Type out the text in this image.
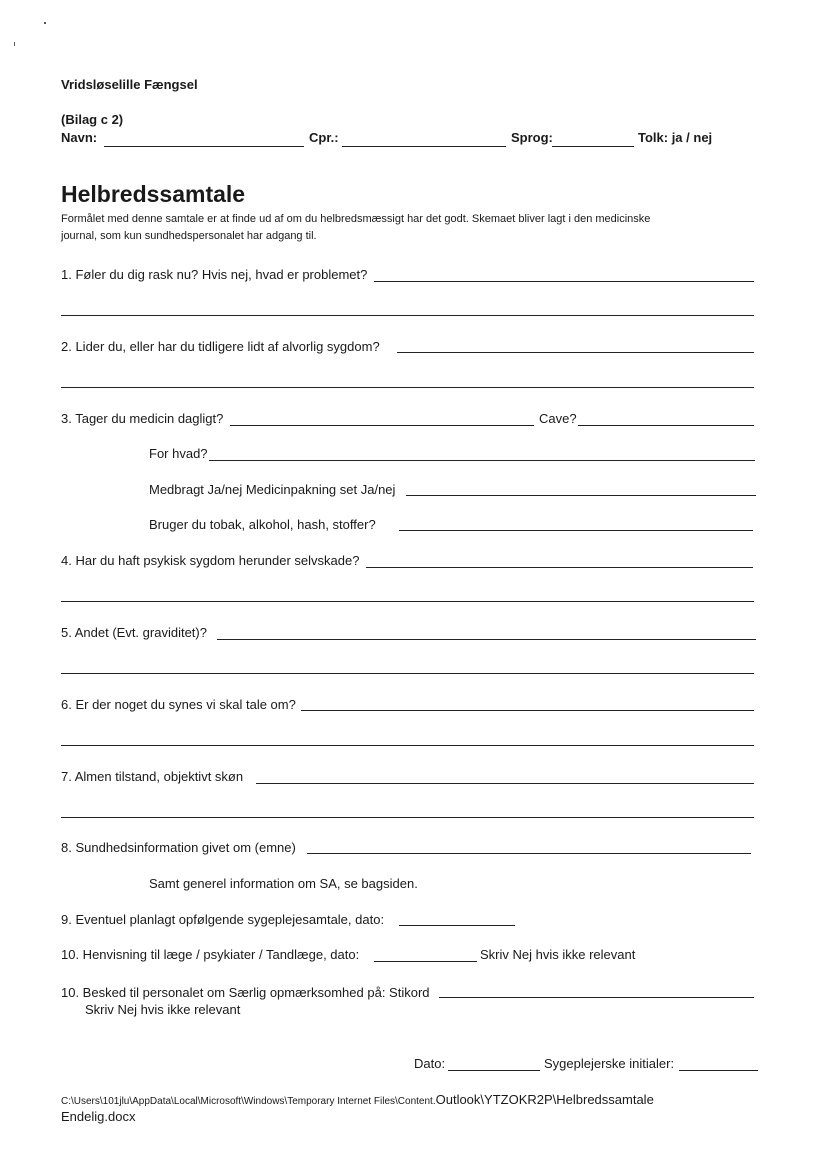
Vridsløselille Fængsel
(Bilag c 2)
Navn:	Cpr.:	Sprog:	Tolk: ja / nej
Helbredssamtale
Formålet med denne samtale er at finde ud af om du helbredsmæssigt har det godt. Skemaet bliver lagt i den medicinske
journal, som kun sundhedspersonalet har adgang til.
1. Føler du dig rask nu? Hvis nej, hvad er problemet?
2. Lider du, eller har du tidligere lidt af alvorlig sygdom?
3. Tager du medicin dagligt?	Cave?
For hvad?
Medbragt Ja/nej Medicinpakning set Ja/nej
Bruger du tobak, alkohol, hash, stoffer?
4. Har du haft psykisk sygdom herunder selvskade?
5. Andet (Evt. graviditet)?
6. Er der noget du synes vi skal tale om?
7. Almen tilstand, objektivt skøn
8. Sundhedsinformation givet om (emne)
Samt generel information om SA, se bagsiden.
9. Eventuel planlagt opfølgende sygeplejesamtale, dato:
10. Henvisning til læge / psykiater / Tandlæge, dato:	Skriv Nej hvis ikke relevant
10. Besked til personalet om Særlig opmærksomhed på: Stikord
Skriv Nej hvis ikke relevant
Dato:	Sygeplejerske initialer:
C:\Users\101jlu\AppData\Local\Microsoft\Windows\Temporary Internet Files\Content.Outlook\YTZOKR2P\Helbredssamtale
Endelig.docx
